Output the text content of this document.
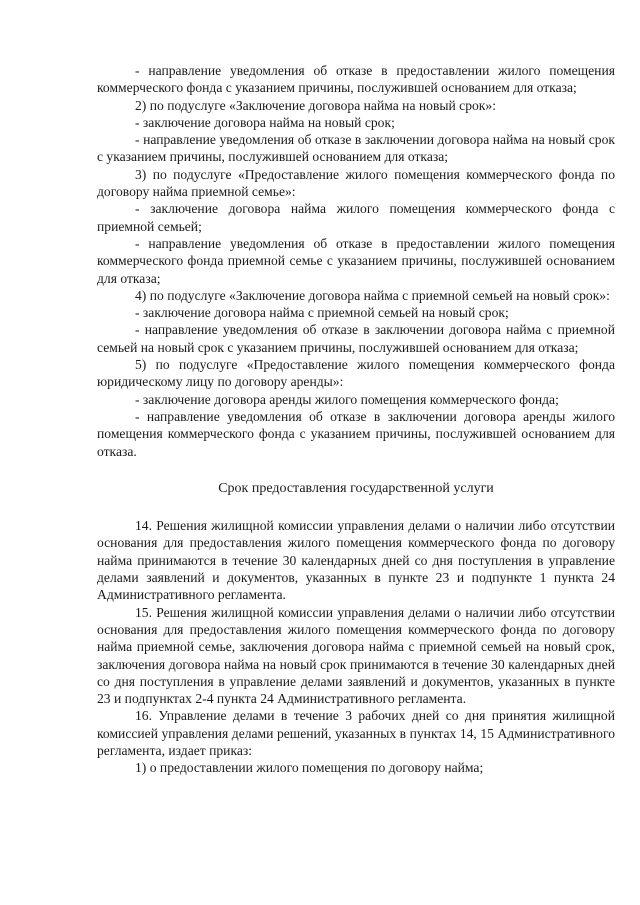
- направление уведомления об отказе в предоставлении жилого помещения коммерческого фонда с указанием причины, послужившей основанием для отказа;

2) по подуслуге «Заключение договора найма на новый срок»:

- заключение договора найма на новый срок;

- направление уведомления об отказе в заключении договора найма на новый срок с указанием причины, послужившей основанием для отказа;

3) по подуслуге «Предоставление жилого помещения коммерческого фонда по договору найма приемной семье»:

- заключение договора найма жилого помещения коммерческого фонда с приемной семьей;

- направление уведомления об отказе в предоставлении жилого помещения коммерческого фонда приемной семье с указанием причины, послужившей основанием для отказа;

4) по подуслуге «Заключение договора найма с приемной семьей на новый срок»:

- заключение договора найма с приемной семьей на новый срок;

- направление уведомления об отказе в заключении договора найма с приемной семьей на новый срок с указанием причины, послужившей основанием для отказа;

5) по подуслуге «Предоставление жилого помещения коммерческого фонда юридическому лицу по договору аренды»:

- заключение договора аренды жилого помещения коммерческого фонда;

- направление уведомления об отказе в заключении договора аренды жилого помещения коммерческого фонда с указанием причины, послужившей основанием для отказа.

Срок предоставления государственной услуги

14. Решения жилищной комиссии управления делами о наличии либо отсутствии основания для предоставления жилого помещения коммерческого фонда по договору найма принимаются в течение 30 календарных дней со дня поступления в управление делами заявлений и документов, указанных в пункте 23 и подпункте 1 пункта 24 Административного регламента.

15. Решения жилищной комиссии управления делами о наличии либо отсутствии основания для предоставления жилого помещения коммерческого фонда по договору найма приемной семье, заключения договора найма с приемной семьей на новый срок, заключения договора найма на новый срок принимаются в течение 30 календарных дней со дня поступления в управление делами заявлений и документов, указанных в пункте 23 и подпунктах 2-4 пункта 24 Административного регламента.

16. Управление делами в течение 3 рабочих дней со дня принятия жилищной комиссией управления делами решений, указанных в пунктах 14, 15 Административного регламента, издает приказ:

1) о предоставлении жилого помещения по договору найма;
